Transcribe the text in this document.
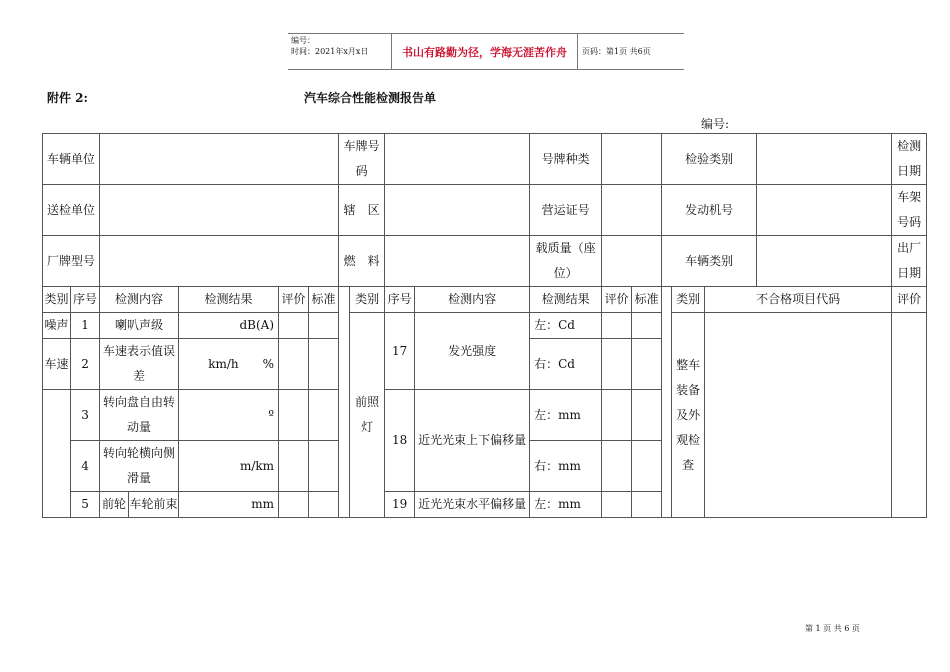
编号：
时间：2021年x月x日	书山有路勤为径，学海无涯苦作舟	页码：第1页 共6页
附件 2:	汽车综合性能检测报告单
编号:
车辆单位							车牌号码				号牌种类			检验类别				检测日期	

送检单位							辖　区				营运证号			发动机号				车架号码	

厂牌型号							燃　料				载质量（座位）			车辆类别				出厂日期	

类别	序号	检测内容		检测结果	评价	标准		类别	序号	检测内容	检测结果	评价	标准		类别	不合格项目代码		评价	

噪声	1	喇叭声级		dB(A)				前照灯	17	发光强度	左：Cd				整车装备及外观检查				

车速	2	车速表示值误差		km/h　　%							右：Cd								

	3	转向盘自由转动量		º					18	近光光束上下偏移量	左：mm								

	4	转向轮横向侧滑量		m/km							右：mm								

	5	前轮	车轮前束	mm					19	近光光束水平偏移量	左：mm								

第 1 页 共 6 页
